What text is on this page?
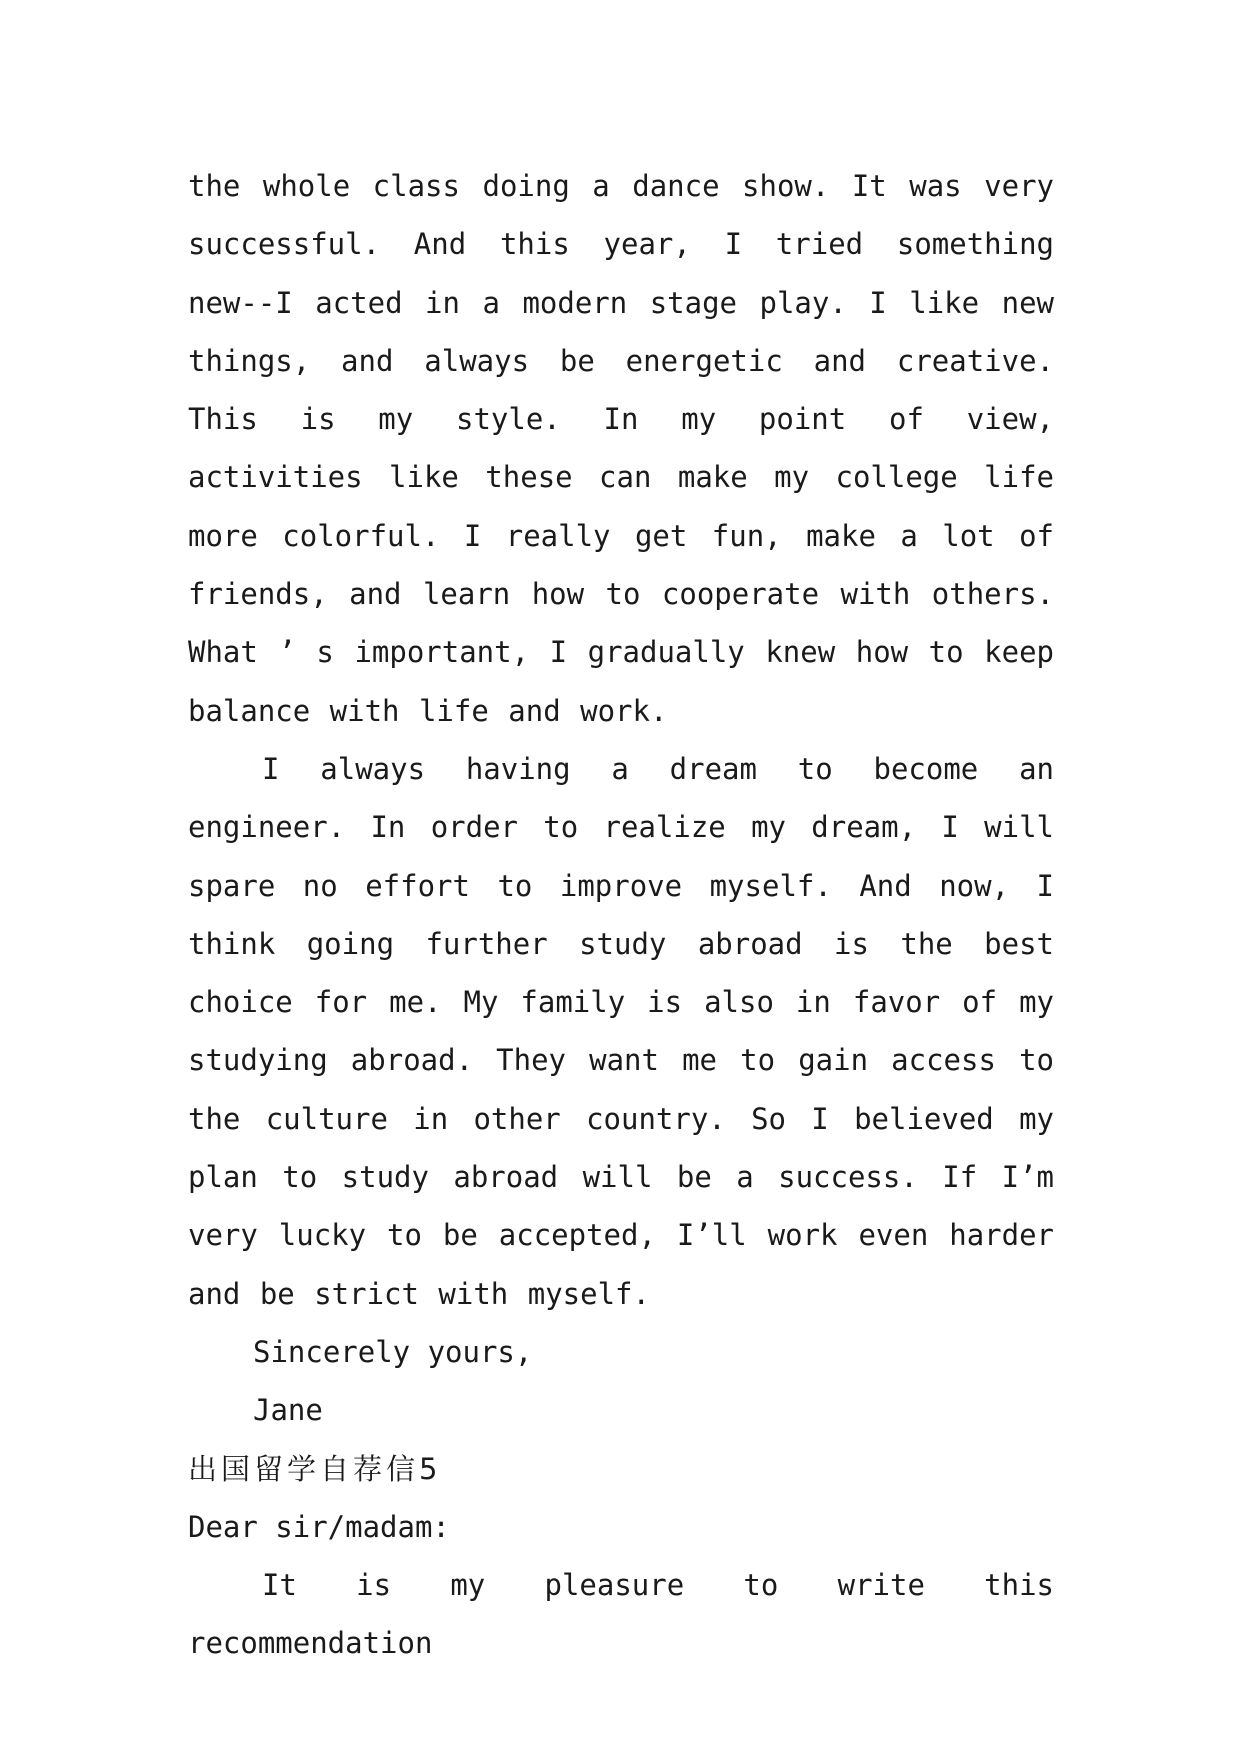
the whole class doing a dance show. It was very successful. And this year, I tried something new--I acted in a modern stage play. I like new things, and always be energetic and creative. This is my style. In my point of view, activities like these can make my college life more colorful. I really get fun, make a lot of friends, and learn how to cooperate with others. What ’ s important, I gradually knew how to keep balance with life and work.

I always having a dream to become an engineer. In order to realize my dream, I will spare no effort to improve myself. And now, I think going further study abroad is the best choice for me. My family is also in favor of my studying abroad. They want me to gain access to the culture in other country. So I believed my plan to study abroad will be a success. If I’m very lucky to be accepted, I’ll work even harder and be strict with myself.

Sincerely yours,

Jane

出国留学自荐信5

Dear sir/madam:

It is my pleasure to write this recommendation
